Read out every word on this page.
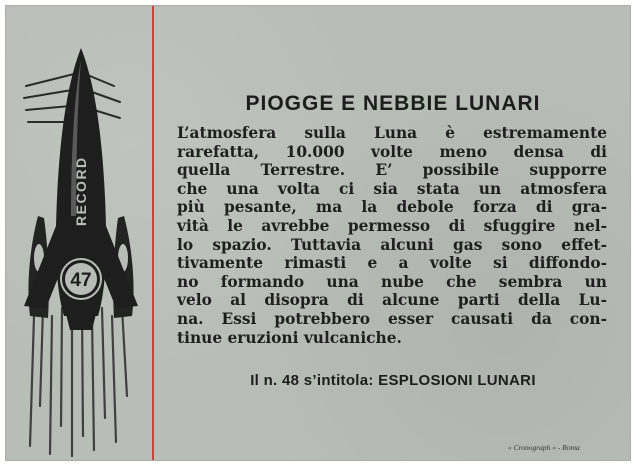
RECORD
47
PIOGGE E NEBBIE LUNARI
L’atmosfera sulla Luna è estremamente
rarefatta, 10.000 volte meno densa di
quella Terrestre. E’ possibile supporre
che una volta ci sia stata un atmosfera
più pesante, ma la debole forza di gra-
vità le avrebbe permesso di sfuggire nel-
lo spazio. Tuttavia alcuni gas sono effet-
tivamente rimasti e a volte si diffondo-
no formando una nube che sembra un
velo al disopra di alcune parti della Lu-
na. Essi potrebbero esser causati da con-
tinue eruzioni vulcaniche.
Il n. 48 s’intitola: ESPLOSIONI LUNARI
« Cronograph » - Roma
